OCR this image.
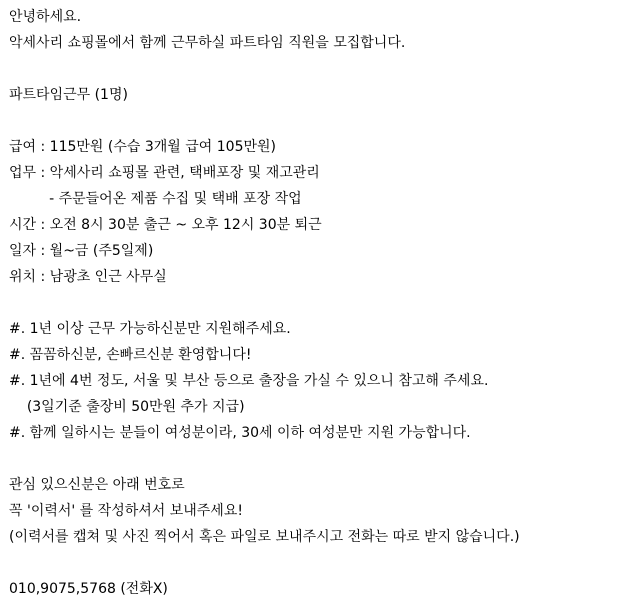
안녕하세요.
악세사리 쇼핑몰에서 함께 근무하실 파트타임 직원을 모집합니다.
파트타임근무 (1명)
급여 : 115만원 (수습 3개월 급여 105만원)
업무 : 악세사리 쇼핑몰 관련, 택배포장 및 재고관리
- 주문들어온 제품 수집 및 택배 포장 작업
시간 : 오전 8시 30분 출근 ~ 오후 12시 30분 퇴근
일자 : 월~금 (주5일제)
위치 : 남광초 인근 사무실
#. 1년 이상 근무 가능하신분만 지원해주세요.
#. 꼼꼼하신분, 손빠르신분 환영합니다!
#. 1년에 4번 정도, 서울 및 부산 등으로 출장을 가실 수 있으니 참고해 주세요.
(3일기준 출장비 50만원 추가 지급)
#. 함께 일하시는 분들이 여성분이라, 30세 이하 여성분만 지원 가능합니다.
관심 있으신분은 아래 번호로
꼭 '이력서' 를 작성하셔서 보내주세요!
(이력서를 캡쳐 및 사진 찍어서 혹은 파일로 보내주시고 전화는 따로 받지 않습니다.)
010,9075,5768 (전화X)
